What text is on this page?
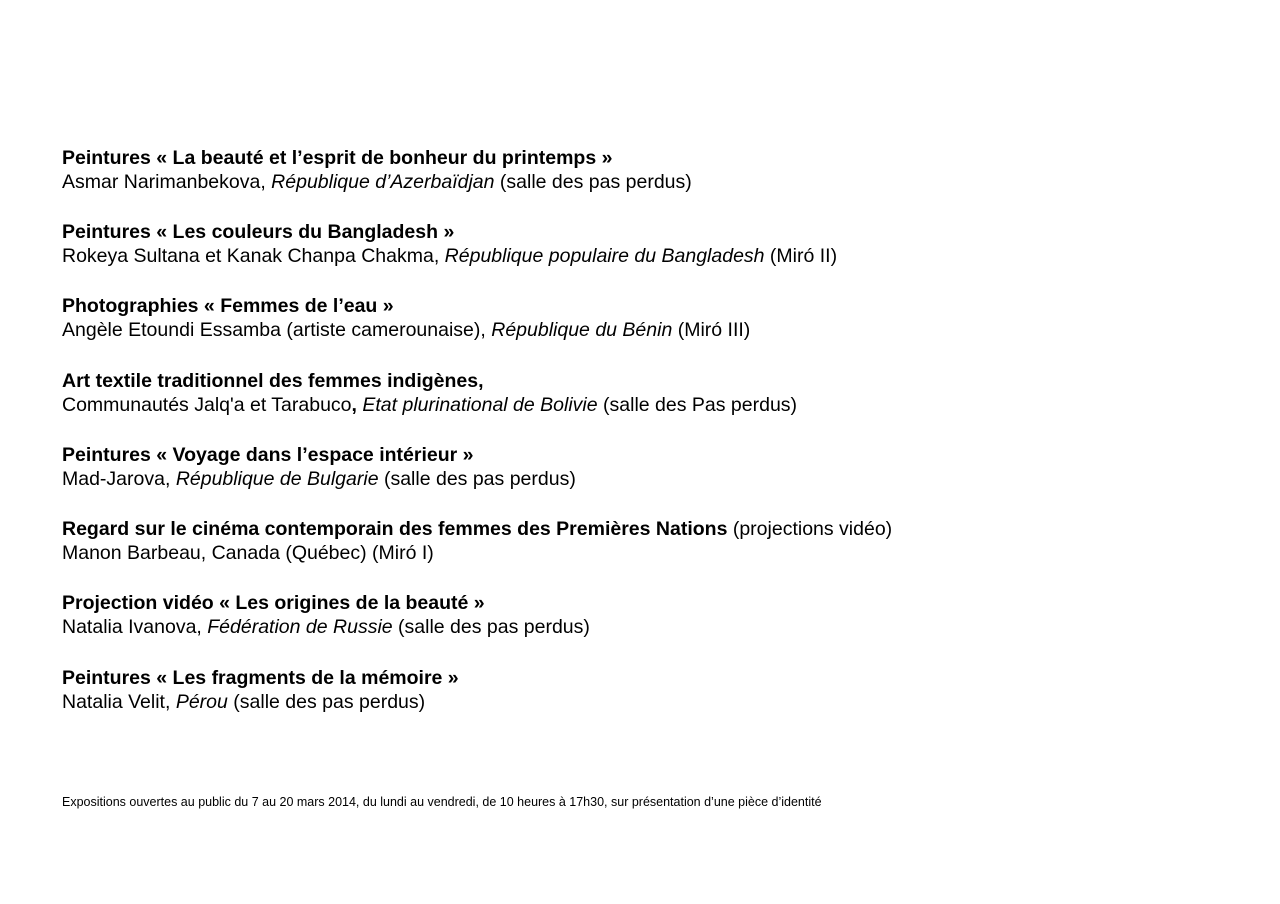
Peintures « La beauté et l’esprit de bonheur du printemps »
Asmar Narimanbekova, République d’Azerbaïdjan (salle des pas perdus)
Peintures « Les couleurs du Bangladesh »
Rokeya Sultana et Kanak Chanpa Chakma, République populaire du Bangladesh (Miró II)
Photographies « Femmes de l’eau »
Angèle Etoundi Essamba (artiste camerounaise), République du Bénin (Miró III)
Art textile traditionnel des femmes indigènes,
Communautés Jalq'a et Tarabuco, Etat plurinational de Bolivie (salle des Pas perdus)
Peintures « Voyage dans l’espace intérieur »
Mad-Jarova, République de Bulgarie (salle des pas perdus)
Regard sur le cinéma contemporain des femmes des Premières Nations (projections vidéo)
Manon Barbeau, Canada (Québec) (Miró I)
Projection vidéo « Les origines de la beauté »
Natalia Ivanova, Fédération de Russie (salle des pas perdus)
Peintures « Les fragments de la mémoire »
Natalia Velit, Pérou (salle des pas perdus)
Expositions ouvertes au public du 7 au 20 mars 2014, du lundi au vendredi, de 10 heures à 17h30, sur présentation d’une pièce d’identité
